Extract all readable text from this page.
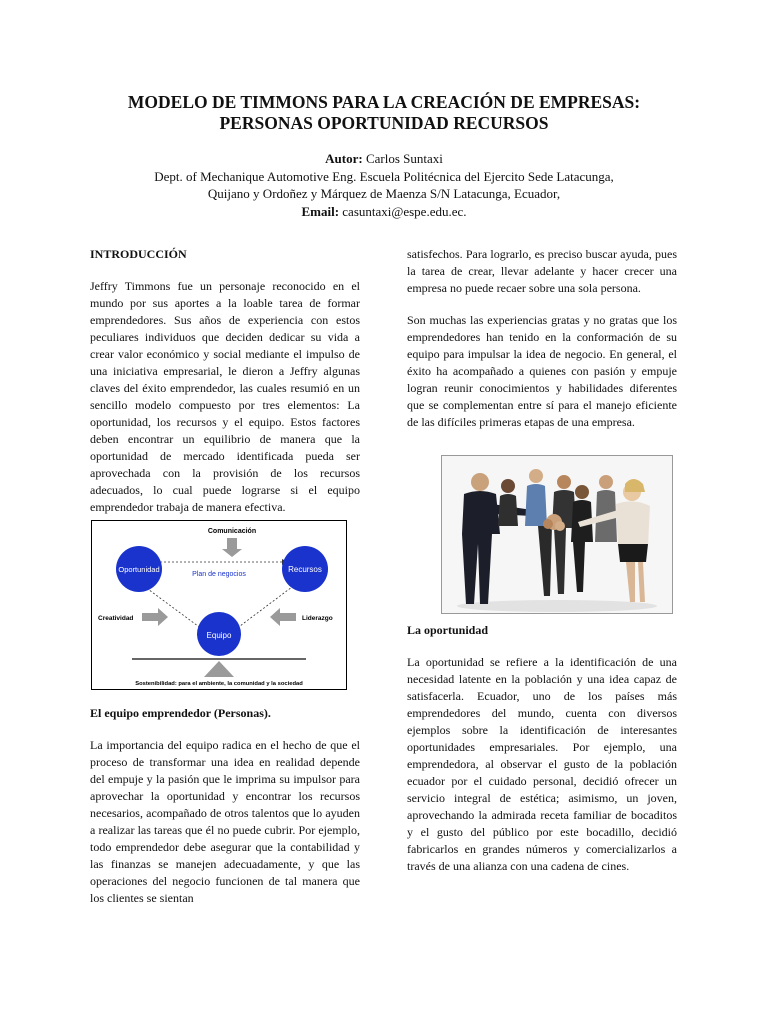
MODELO DE TIMMONS PARA LA CREACIÓN DE EMPRESAS:
PERSONAS OPORTUNIDAD RECURSOS
Autor: Carlos Suntaxi
Dept. of Mechanique Automotive Eng. Escuela Politécnica del Ejercito Sede Latacunga,
Quijano y Ordoñez y Márquez de Maenza S/N Latacunga, Ecuador,
Email: casuntaxi@espe.edu.ec.
INTRODUCCIÓN

Jeffry Timmons fue un personaje reconocido en el mundo por sus aportes a la loable tarea de formar emprendedores. Sus años de experiencia con estos peculiares individuos que deciden dedicar su vida a crear valor económico y social mediante el impulso de una iniciativa empresarial, le dieron a Jeffry algunas claves del éxito emprendedor, las cuales resumió en un sencillo modelo compuesto por tres elementos: La oportunidad, los recursos y el equipo. Estos factores deben encontrar un equilibrio de manera que la oportunidad de mercado identificada pueda ser aprovechada con la provisión de los recursos adecuados, lo cual puede lograrse si el equipo emprendedor trabaja de manera efectiva.

Comunicación
Oportunidad	Recursos
Plan de negocios
Creatividad	Liderazgo
Equipo
Sostenibilidad: para el ambiente, la comunidad y la sociedad
El equipo emprendedor (Personas).

La importancia del equipo radica en el hecho de que el proceso de transformar una idea en realidad depende del empuje y la pasión que le imprima su impulsor para aprovechar la oportunidad y encontrar los recursos necesarios, acompañado de otros talentos que lo ayuden a realizar las tareas que él no puede cubrir. Por ejemplo, todo emprendedor debe asegurar que la contabilidad y las finanzas se manejen adecuadamente, y que las operaciones del negocio funcionen de tal manera que los clientes se sientan

satisfechos. Para lograrlo, es preciso buscar ayuda, pues la tarea de crear, llevar adelante y hacer crecer una empresa no puede recaer sobre una sola persona.

Son muchas las experiencias gratas y no gratas que los emprendedores han tenido en la conformación de su equipo para impulsar la idea de negocio. En general, el éxito ha acompañado a quienes con pasión y empuje logran reunir conocimientos y habilidades diferentes que se complementan entre sí para el manejo eficiente de las difíciles primeras etapas de una empresa.

La oportunidad

La oportunidad se refiere a la identificación de una necesidad latente en la población y una idea capaz de satisfacerla. Ecuador, uno de los países más emprendedores del mundo, cuenta con diversos ejemplos sobre la identificación de interesantes oportunidades empresariales. Por ejemplo, una emprendedora, al observar el gusto de la población ecuador por el cuidado personal, decidió ofrecer un servicio integral de estética; asimismo, un joven, aprovechando la admirada receta familiar de bocaditos y el gusto del público por este bocadillo, decidió fabricarlos en grandes números y comercializarlos a través de una alianza con una cadena de cines.
